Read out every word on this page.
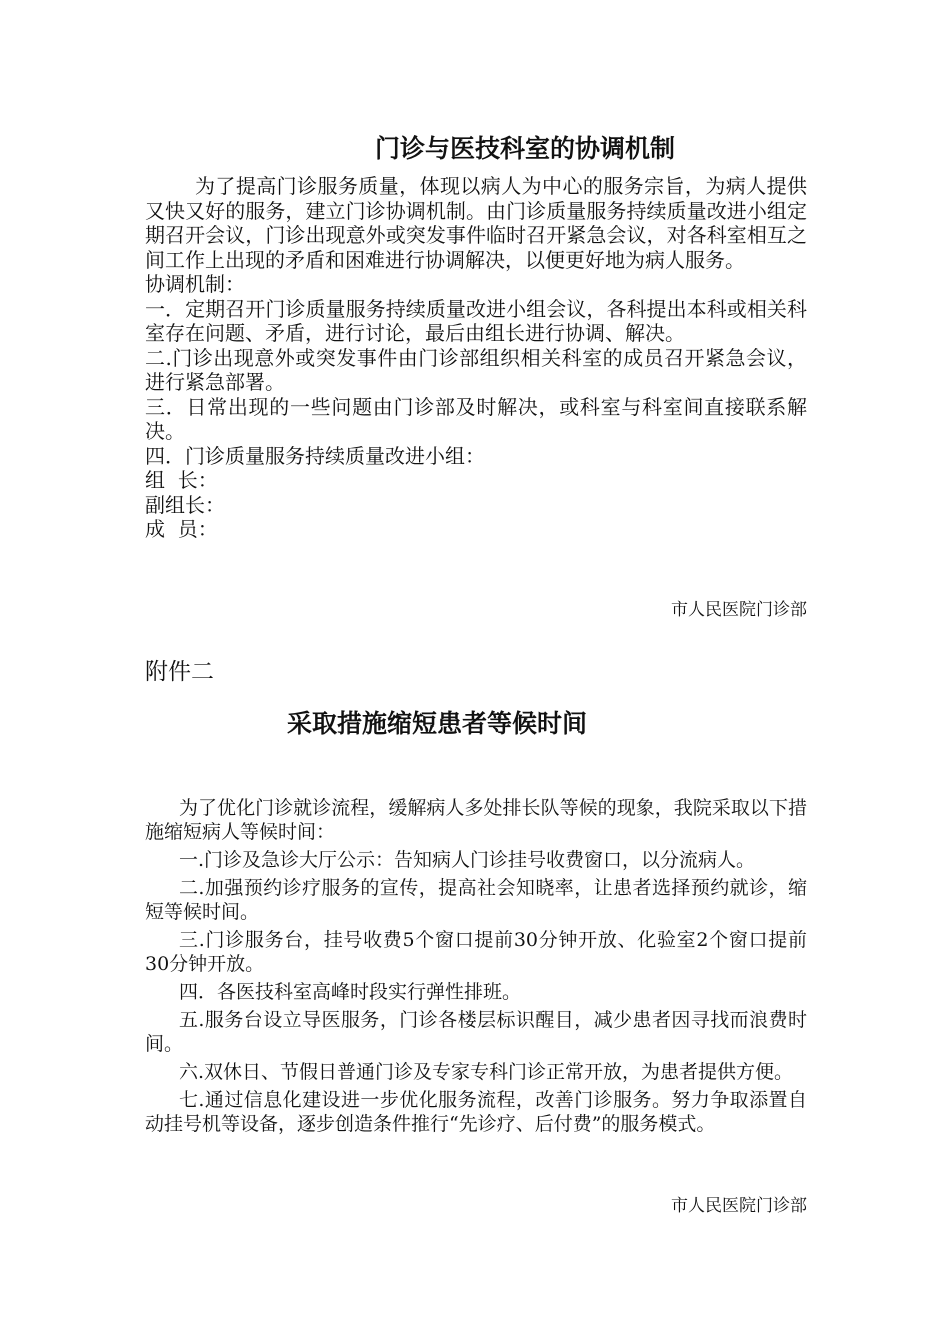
门诊与医技科室的协调机制

为了提高门诊服务质量，体现以病人为中心的服务宗旨，为病人提供又快又好的服务，建立门诊协调机制。由门诊质量服务持续质量改进小组定期召开会议，门诊出现意外或突发事件临时召开紧急会议，对各科室相互之间工作上出现的矛盾和困难进行协调解决，以便更好地为病人服务。

协调机制：

一．定期召开门诊质量服务持续质量改进小组会议，各科提出本科或相关科室存在问题、矛盾，进行讨论，最后由组长进行协调、解决。

二.门诊出现意外或突发事件由门诊部组织相关科室的成员召开紧急会议，进行紧急部署。

三．日常出现的一些问题由门诊部及时解决，或科室与科室间直接联系解决。

四．门诊质量服务持续质量改进小组：

组  长：

副组长：

成  员：

市人民医院门诊部

附件二
采取措施缩短患者等候时间

为了优化门诊就诊流程，缓解病人多处排长队等候的现象，我院采取以下措施缩短病人等候时间：

一.门诊及急诊大厅公示：告知病人门诊挂号收费窗口，以分流病人。

二.加强预约诊疗服务的宣传，提高社会知晓率，让患者选择预约就诊，缩短等候时间。

三.门诊服务台，挂号收费5个窗口提前30分钟开放、化验室2个窗口提前30分钟开放。

四．各医技科室高峰时段实行弹性排班。

五.服务台设立导医服务，门诊各楼层标识醒目，减少患者因寻找而浪费时间。

六.双休日、节假日普通门诊及专家专科门诊正常开放，为患者提供方便。

七.通过信息化建设进一步优化服务流程，改善门诊服务。努力争取添置自动挂号机等设备，逐步创造条件推行“先诊疗、后付费”的服务模式。

市人民医院门诊部
